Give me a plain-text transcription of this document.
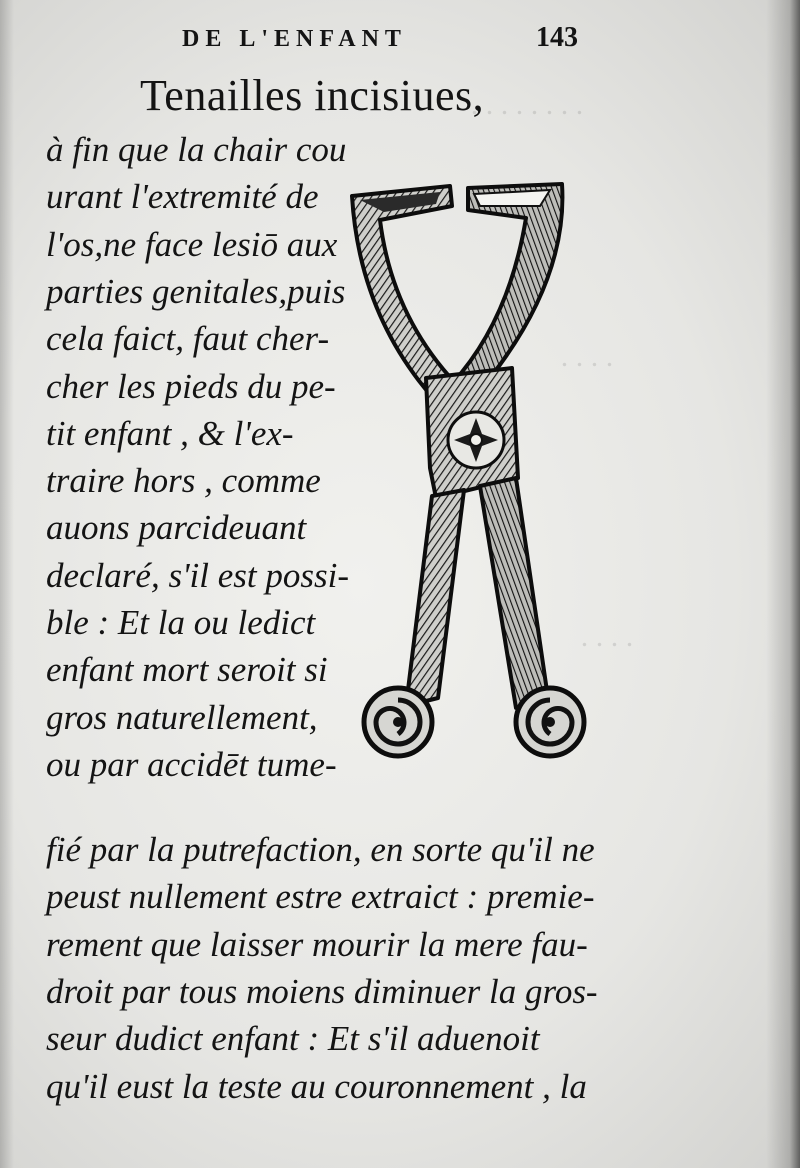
. . . . . . . .
. . . .
. . . .
DE L'ENFANT	143
Tenailles incisiues,
à fin que la chair cou
urant l'extremité de
l'os,ne face lesiō aux
parties genitales,puis
cela faict, faut cher-
cher les pieds du pe-
tit enfant , & l'ex-
traire hors , comme
auons parcideuant
declaré, s'il est possi-
ble : Et la ou ledict
enfant mort seroit si
gros naturellement,
ou par accidēt tume-
fié par la putrefaction, en sorte qu'il ne
peust nullement estre extraict : premie-
rement que laisser mourir la mere fau-
droit par tous moiens diminuer la gros-
seur dudict enfant : Et s'il aduenoit
qu'il eust la teste au couronnement , la
